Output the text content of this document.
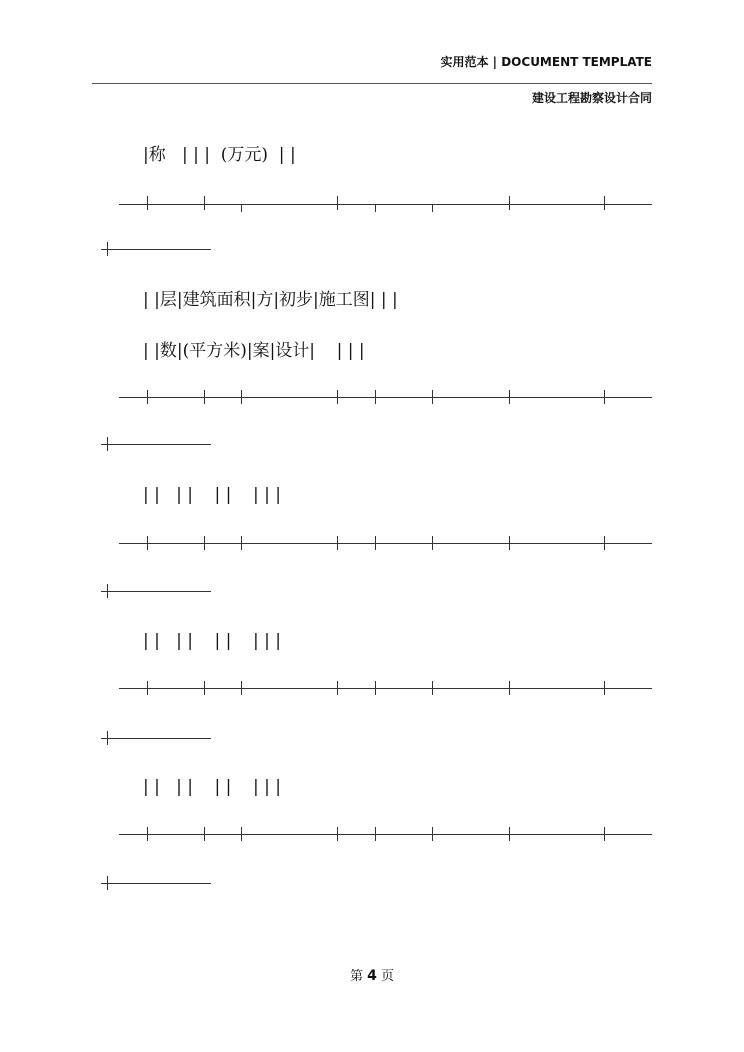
实用范本 | DOCUMENT TEMPLATE
建设工程勘察设计合同
|称   | | |  (万元)  | |
| |层|建筑面积|方|初步|施工图| | |
| |数|(平方米)|案|设计|    | | |
| |   | |    | |    | | |
| |   | |    | |    | | |
| |   | |    | |    | | |
第 4 页
